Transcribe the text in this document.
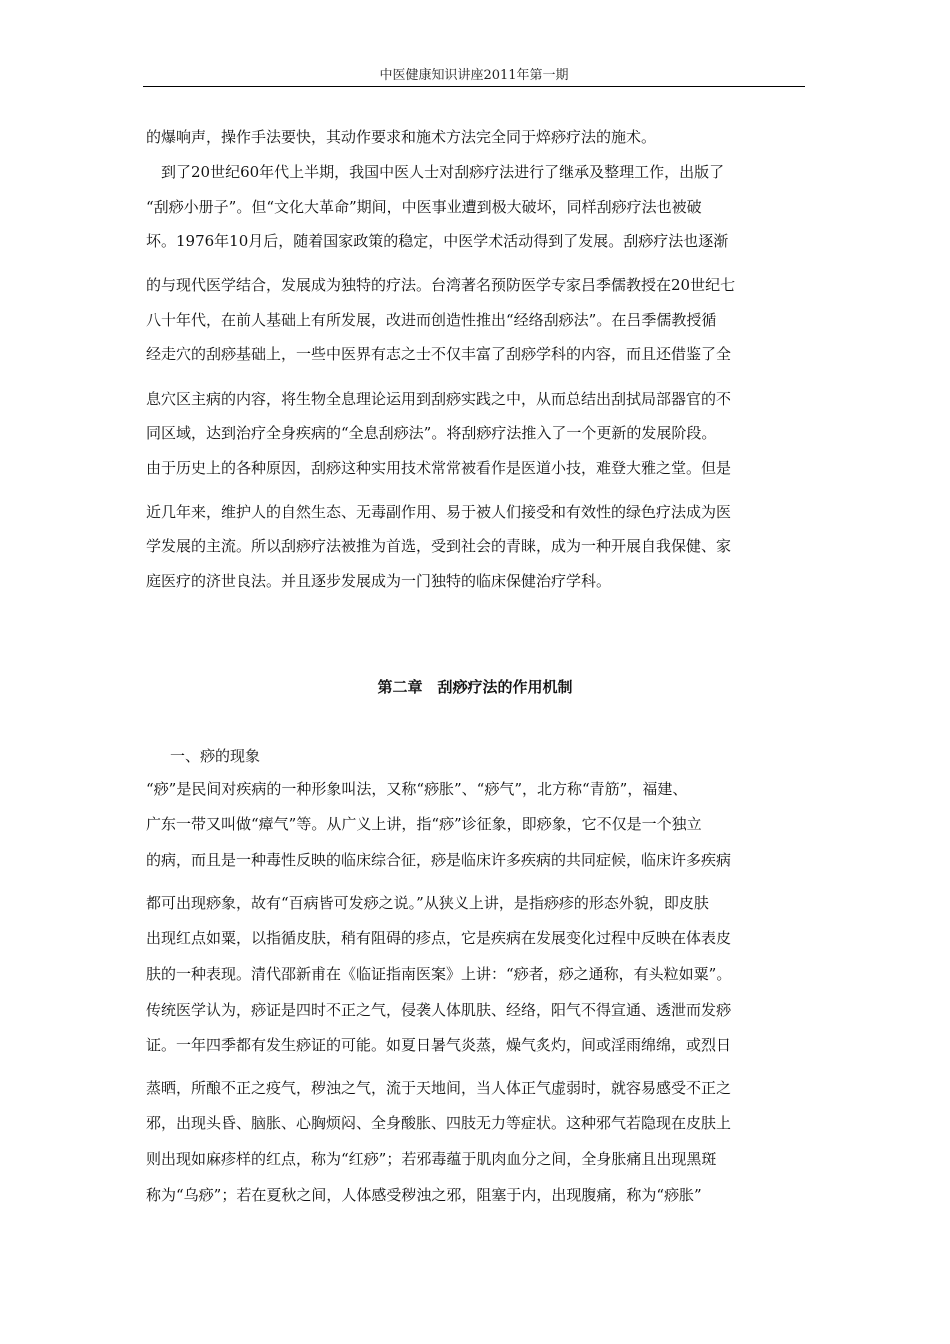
中医健康知识讲座2011年第一期
的爆响声，操作手法要快，其动作要求和施术方法完全同于焠痧疗法的施术。
　到了20世纪60年代上半期，我国中医人士对刮痧疗法进行了继承及整理工作，出版了
“刮痧小册子”。但“文化大革命”期间，中医事业遭到极大破坏，同样刮痧疗法也被破
坏。1976年10月后，随着国家政策的稳定，中医学术活动得到了发展。刮痧疗法也逐渐
的与现代医学结合，发展成为独特的疗法。台湾著名预防医学专家吕季儒教授在20世纪七
八十年代，在前人基础上有所发展，改进而创造性推出“经络刮痧法”。在吕季儒教授循
经走穴的刮痧基础上，一些中医界有志之士不仅丰富了刮痧学科的内容，而且还借鉴了全
息穴区主病的内容，将生物全息理论运用到刮痧实践之中，从而总结出刮拭局部器官的不
同区域，达到治疗全身疾病的“全息刮痧法”。将刮痧疗法推入了一个更新的发展阶段。
由于历史上的各种原因，刮痧这种实用技术常常被看作是医道小技，难登大雅之堂。但是
近几年来，维护人的自然生态、无毒副作用、易于被人们接受和有效性的绿色疗法成为医
学发展的主流。所以刮痧疗法被推为首选，受到社会的青睐，成为一种开展自我保健、家
庭医疗的济世良法。并且逐步发展成为一门独特的临床保健治疗学科。
第二章　刮痧疗法的作用机制
一、痧的现象
“痧”是民间对疾病的一种形象叫法，又称“痧胀”、“痧气”，北方称“青筋”，福建、
广东一带又叫做“瘴气”等。从广义上讲，指“痧”诊征象，即痧象，它不仅是一个独立
的病，而且是一种毒性反映的临床综合征，痧是临床许多疾病的共同症候，临床许多疾病
都可出现痧象，故有“百病皆可发痧之说。”从狭义上讲，是指痧疹的形态外貌，即皮肤
出现红点如粟，以指循皮肤，稍有阻碍的疹点，它是疾病在发展变化过程中反映在体表皮
肤的一种表现。清代邵新甫在《临证指南医案》上讲：“痧者，痧之通称，有头粒如粟”。
传统医学认为，痧证是四时不正之气，侵袭人体肌肤、经络，阳气不得宣通、透泄而发痧
证。一年四季都有发生痧证的可能。如夏日暑气炎蒸，燥气炙灼，间或淫雨绵绵，或烈日
蒸晒，所酿不正之疫气，秽浊之气，流于天地间，当人体正气虚弱时，就容易感受不正之
邪，出现头昏、脑胀、心胸烦闷、全身酸胀、四肢无力等症状。这种邪气若隐现在皮肤上
则出现如麻疹样的红点，称为“红痧”；若邪毒蕴于肌肉血分之间，全身胀痛且出现黑斑
称为“乌痧”；若在夏秋之间，人体感受秽浊之邪，阻塞于内，出现腹痛，称为“痧胀”
